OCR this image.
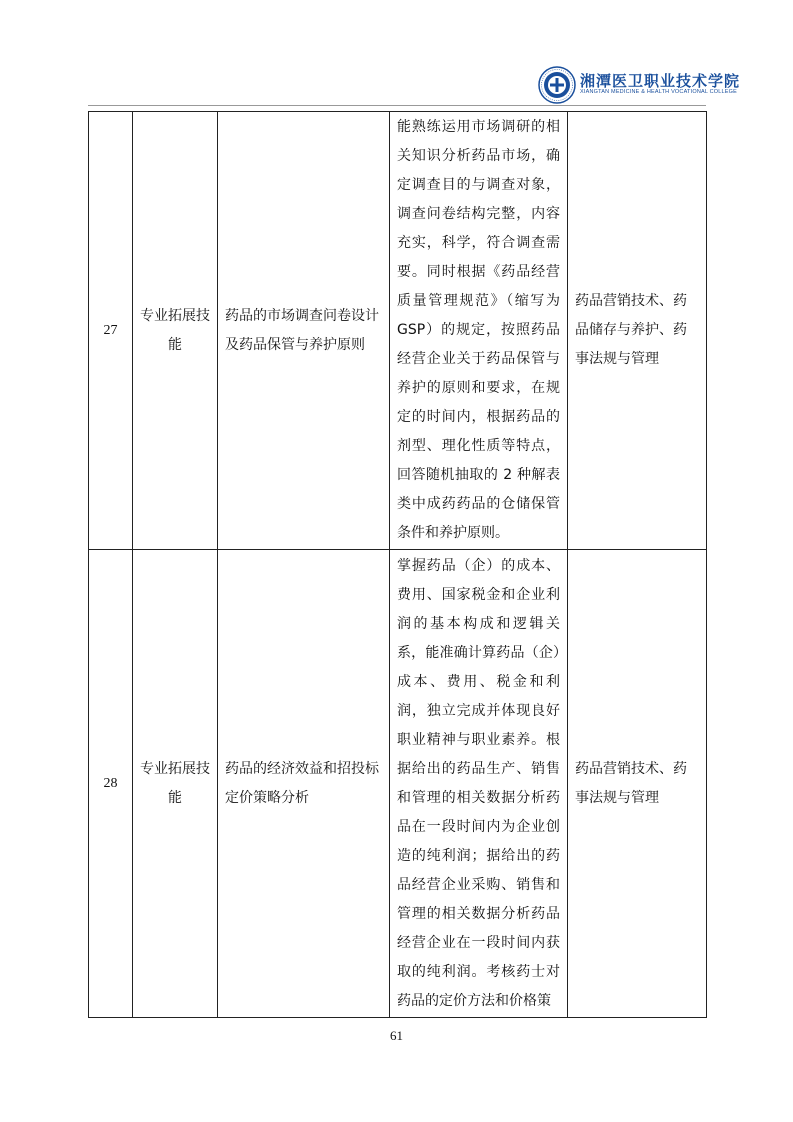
湘潭医卫职业技术学院
XIANGTAN MEDICINE & HEALTH VOCATIONAL COLLEGE
27	专业拓展技能	药品的市场调查问卷设计及药品保管与养护原则	能熟练运用市场调研的相关知识分析药品市场，确定调查目的与调查对象，调查问卷结构完整，内容充实，科学，符合调查需要。同时根据《药品经营质量管理规范》（缩写为 GSP）的规定，按照药品经营企业关于药品保管与养护的原则和要求，在规定的时间内，根据药品的剂型、理化性质等特点，回答随机抽取的 2 种解表类中成药药品的仓储保管条件和养护原则。	药品营销技术、药品储存与养护、药事法规与管理
28	专业拓展技能	药品的经济效益和招投标定价策略分析	掌握药品（企）的成本、费用、国家税金和企业利润的基本构成和逻辑关系，能准确计算药品（企）成本、费用、税金和利润，独立完成并体现良好职业精神与职业素养。根据给出的药品生产、销售和管理的相关数据分析药品在一段时间内为企业创造的纯利润；据给出的药品经营企业采购、销售和管理的相关数据分析药品经营企业在一段时间内获取的纯利润。考核药士对药品的定价方法和价格策	药品营销技术、药事法规与管理
61
